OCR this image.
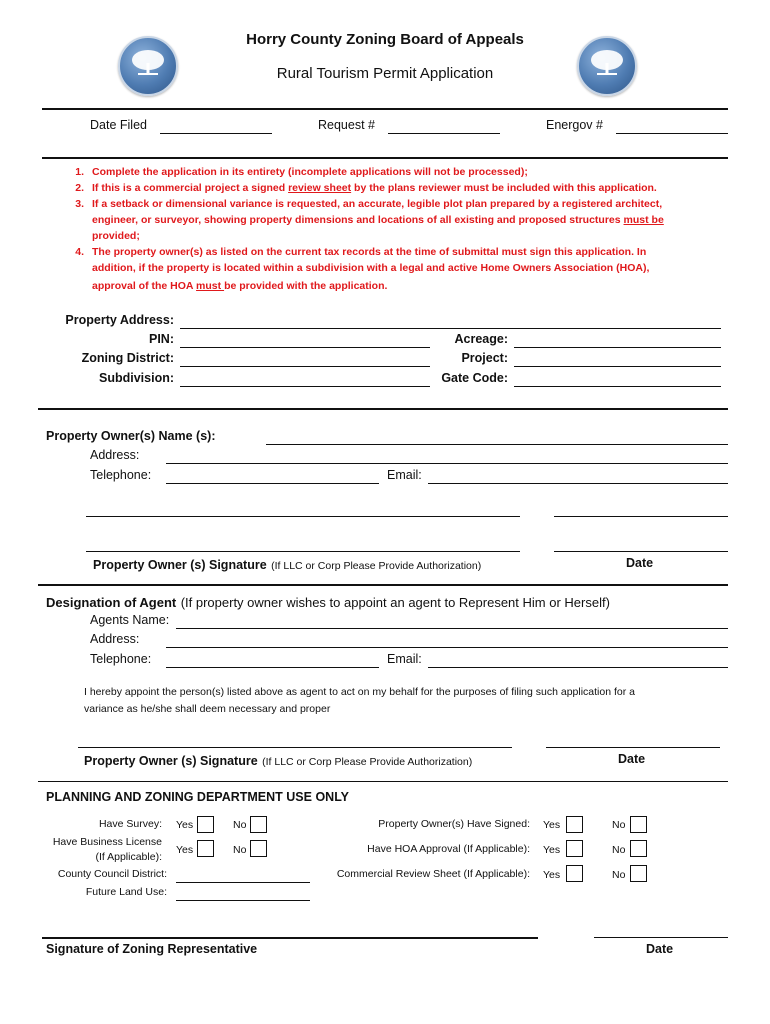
Horry County Zoning Board of Appeals
Rural Tourism Permit Application
Date Filed	Request #	Energov #
1. Complete the application in its entirety (incomplete applications will not be processed);
2. If this is a commercial project a signed review sheet by the plans reviewer must be included with this application.
3. If a setback or dimensional variance is requested, an accurate, legible plot plan prepared by a registered architect,
engineer, or surveyor, showing property dimensions and locations of all existing and proposed structures must be
provided;
4. The property owner(s) as listed on the current tax records at the time of submittal must sign this application. In
addition, if the property is located within a subdivision with a legal and active Home Owners Association (HOA),
approval of the HOA must be provided with the application.
Property Address:
PIN:	Acreage:
Zoning District:	Project:
Subdivision:	Gate Code:
Property Owner(s) Name (s):
Address:
Telephone:	Email:
Property Owner (s) Signature (If LLC or Corp Please Provide Authorization)	Date
Designation of Agent (If property owner wishes to appoint an agent to Represent Him or Herself)
Agents Name:
Address:
Telephone:	Email:
I hereby appoint the person(s) listed above as agent to act on my behalf for the purposes of filing such application for a
variance as he/she shall deem necessary and proper
Property Owner (s) Signature (If LLC or Corp Please Provide Authorization)	Date
PLANNING AND ZONING DEPARTMENT USE ONLY
Have Survey: Yes	No
Have Business License
(If Applicable):
Yes	No
County Council District:
Future Land Use:
Property Owner(s) Have Signed: Yes	No
Have HOA Approval (If Applicable): Yes	No
Commercial Review Sheet (If Applicable): Yes	No
Signature of Zoning Representative	Date
